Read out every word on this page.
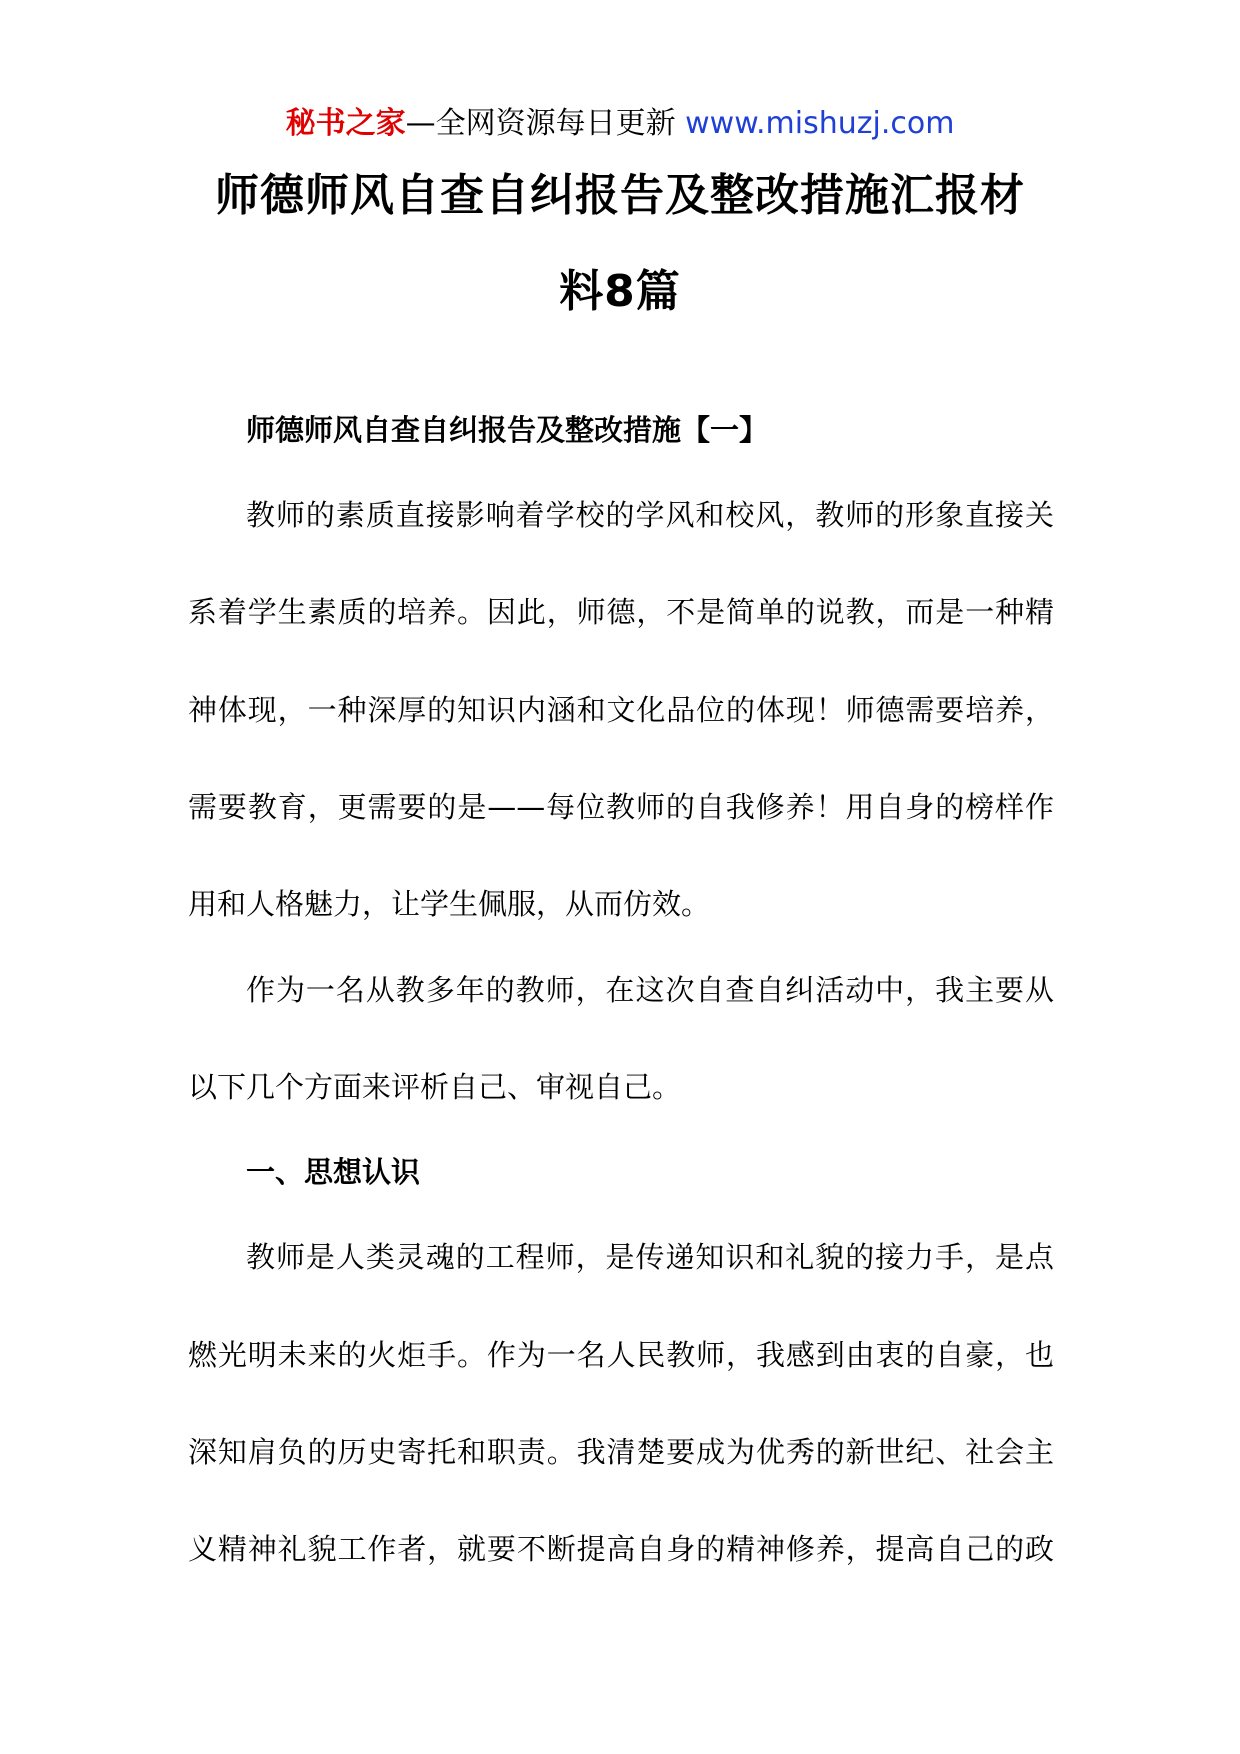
秘书之家—全网资源每日更新 www.mishuzj.com
师德师风自查自纠报告及整改措施汇报材
料8篇
师德师风自查自纠报告及整改措施【一】
教师的素质直接影响着学校的学风和校风，教师的形象直接关
系着学生素质的培养。因此，师德，不是简单的说教，而是一种精
神体现，一种深厚的知识内涵和文化品位的体现！师德需要培养，
需要教育，更需要的是——每位教师的自我修养！用自身的榜样作
用和人格魅力，让学生佩服，从而仿效。
作为一名从教多年的教师，在这次自查自纠活动中，我主要从
以下几个方面来评析自己、审视自己。
一、思想认识
教师是人类灵魂的工程师，是传递知识和礼貌的接力手，是点
燃光明未来的火炬手。作为一名人民教师，我感到由衷的自豪，也
深知肩负的历史寄托和职责。我清楚要成为优秀的新世纪、社会主
义精神礼貌工作者，就要不断提高自身的精神修养，提高自己的政
